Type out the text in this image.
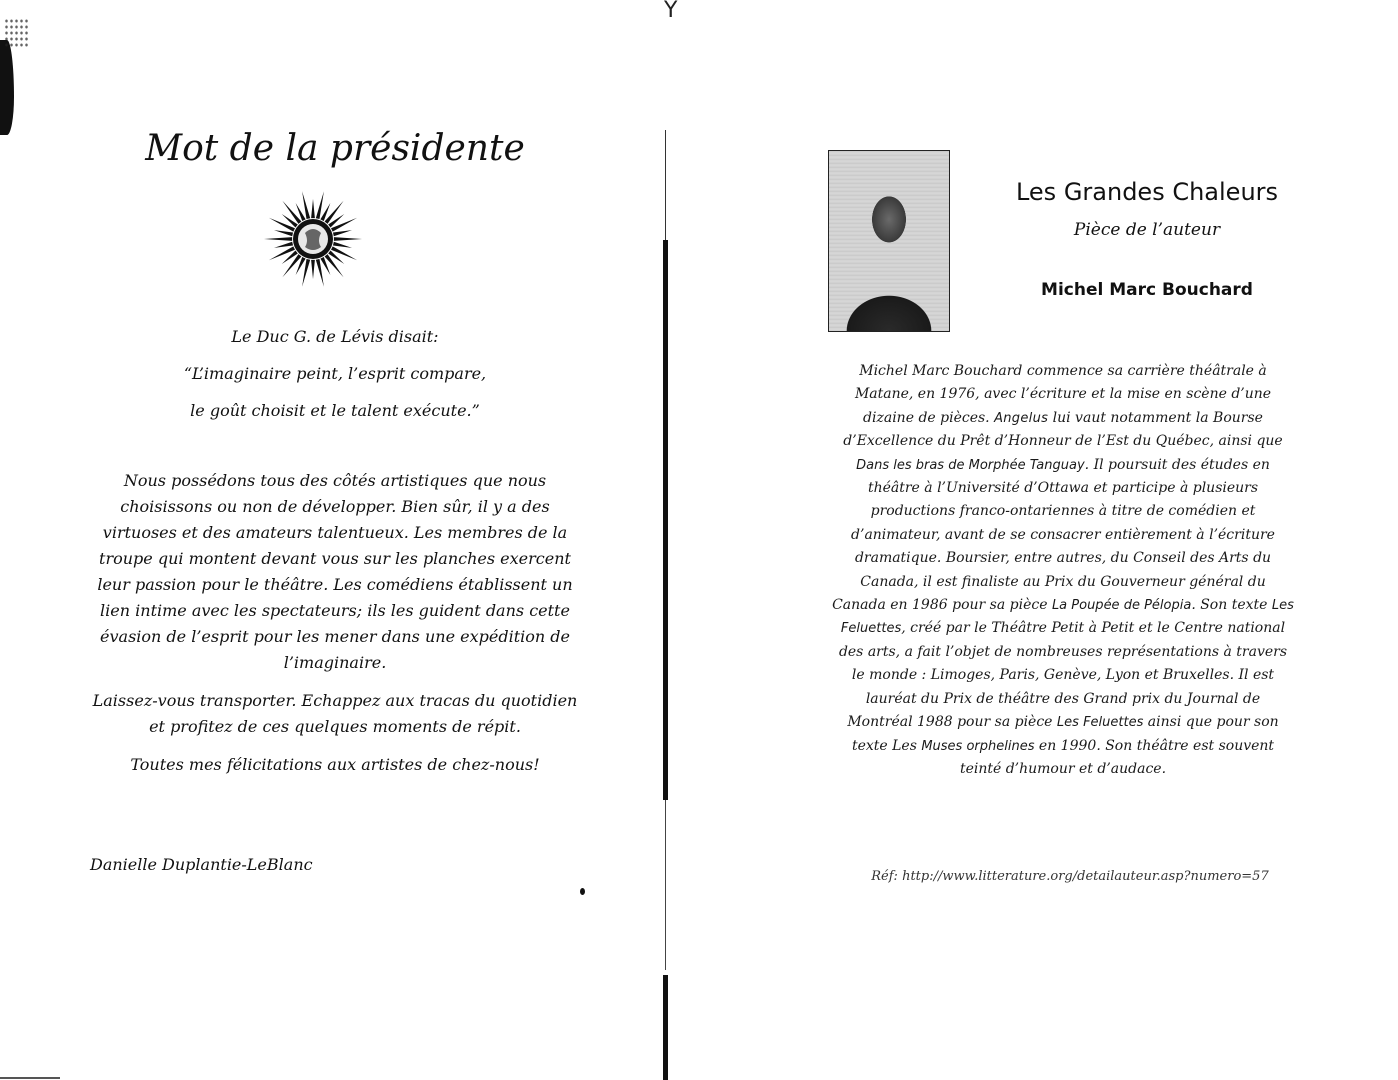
Y
Mot de la présidente

Le Duc G. de Lévis disait:

“L’imaginaire peint, l’esprit compare,

le goût choisit et le talent exécute.”

Nous possédons tous des côtés artistiques que nous choisissons ou non de développer. Bien sûr, il y a des virtuoses et des amateurs talentueux. Les membres de la troupe qui montent devant vous sur les planches exercent leur passion pour le théâtre. Les comédiens établissent un lien intime avec les spectateurs; ils les guident dans cette évasion de l’esprit pour les mener dans une expédition de l’imaginaire.

Laissez-vous transporter. Echappez aux tracas du quotidien et profitez de ces quelques moments de répit.

Toutes mes félicitations aux artistes de chez-nous!

Danielle Duplantie-LeBlanc
Les Grandes Chaleurs
Pièce de l’auteur
Michel Marc Bouchard

Michel Marc Bouchard commence sa carrière théâtrale à Matane, en 1976, avec l’écriture et la mise en scène d’une dizaine de pièces. Angelus lui vaut notamment la Bourse d’Excellence du Prêt d’Honneur de l’Est du Québec, ainsi que Dans les bras de Morphée Tanguay. Il poursuit des études en théâtre à l’Université d’Ottawa et participe à plusieurs productions franco-ontariennes à titre de comédien et d’animateur, avant de se consacrer entièrement à l’écriture dramatique. Boursier, entre autres, du Conseil des Arts du Canada, il est finaliste au Prix du Gouverneur général du Canada en 1986 pour sa pièce La Poupée de Pélopia. Son texte Les Feluettes, créé par le Théâtre Petit à Petit et le Centre national des arts, a fait l’objet de nombreuses représentations à travers le monde : Limoges, Paris, Genève, Lyon et Bruxelles. Il est lauréat du Prix de théâtre des Grand prix du Journal de Montréal 1988 pour sa pièce Les Feluettes ainsi que pour son texte Les Muses orphelines en 1990. Son théâtre est souvent teinté d’humour et d’audace.

Réf: http://www.litterature.org/detailauteur.asp?numero=57
